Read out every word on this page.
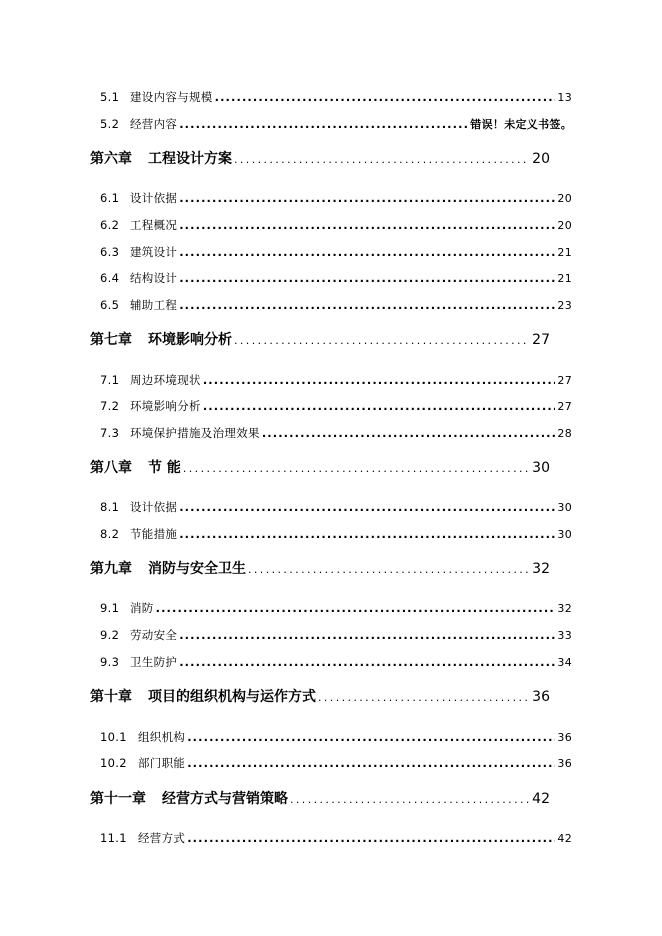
5.1 建设内容与规模 .....	13
5.2 经营内容 .....	错误！未定义书签。
第六章 工程设计方案 .....	20
6.1 设计依据 .....	20
6.2 工程概况 .....	20
6.3 建筑设计 .....	21
6.4 结构设计 .....	21
6.5 辅助工程 .....	23
第七章 环境影响分析 .....	27
7.1 周边环境现状 .....	27
7.2 环境影响分析 .....	27
7.3 环境保护措施及治理效果 .....	28
第八章 节 能 .....	30
8.1 设计依据 .....	30
8.2 节能措施 .....	30
第九章 消防与安全卫生 .....	32
9.1 消防 .....	32
9.2 劳动安全 .....	33
9.3 卫生防护 .....	34
第十章 项目的组织机构与运作方式 .....	36
10.1 组织机构 .....	36
10.2 部门职能 .....	36
第十一章 经营方式与营销策略 .....	42
11.1 经营方式 .....	42
